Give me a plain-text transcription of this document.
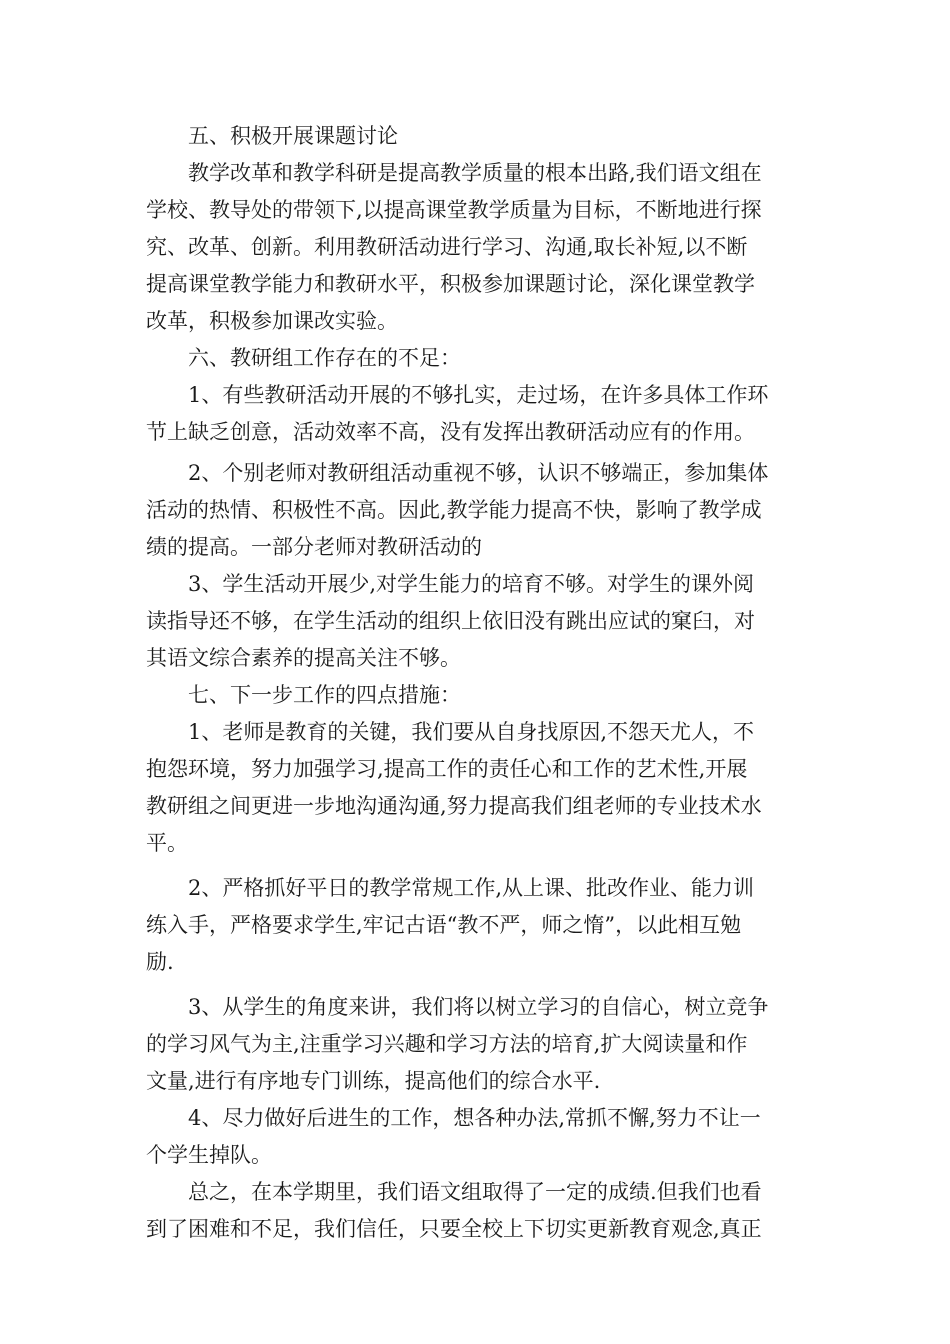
五、积极开展课题讨论

教学改革和教学科研是提高教学质量的根本出路,我们语文组在
学校、教导处的带领下,以提高课堂教学质量为目标，不断地进行探
究、改革、创新。利用教研活动进行学习、沟通,取长补短,以不断
提高课堂教学能力和教研水平，积极参加课题讨论，深化课堂教学
改革，积极参加课改实验。

六、教研组工作存在的不足：

1、有些教研活动开展的不够扎实，走过场，在许多具体工作环
节上缺乏创意，活动效率不高，没有发挥出教研活动应有的作用。

2、个别老师对教研组活动重视不够，认识不够端正，参加集体
活动的热情、积极性不高。因此,教学能力提高不快，影响了教学成
绩的提高。一部分老师对教研活动的

3、学生活动开展少,对学生能力的培育不够。对学生的课外阅
读指导还不够，在学生活动的组织上依旧没有跳出应试的窠臼，对
其语文综合素养的提高关注不够。

七、下一步工作的四点措施：

1、老师是教育的关键，我们要从自身找原因,不怨天尤人，不
抱怨环境，努力加强学习,提高工作的责任心和工作的艺术性,开展
教研组之间更进一步地沟通沟通,努力提高我们组老师的专业技术水
平。

2、严格抓好平日的教学常规工作,从上课、批改作业、能力训
练入手，严格要求学生,牢记古语“教不严，师之惰”，以此相互勉
励.

3、从学生的角度来讲，我们将以树立学习的自信心，树立竞争
的学习风气为主,注重学习兴趣和学习方法的培育,扩大阅读量和作
文量,进行有序地专门训练，提高他们的综合水平.

4、尽力做好后进生的工作，想各种办法,常抓不懈,努力不让一
个学生掉队。

总之，在本学期里，我们语文组取得了一定的成绩.但我们也看
到了困难和不足，我们信任，只要全校上下切实更新教育观念,真正
